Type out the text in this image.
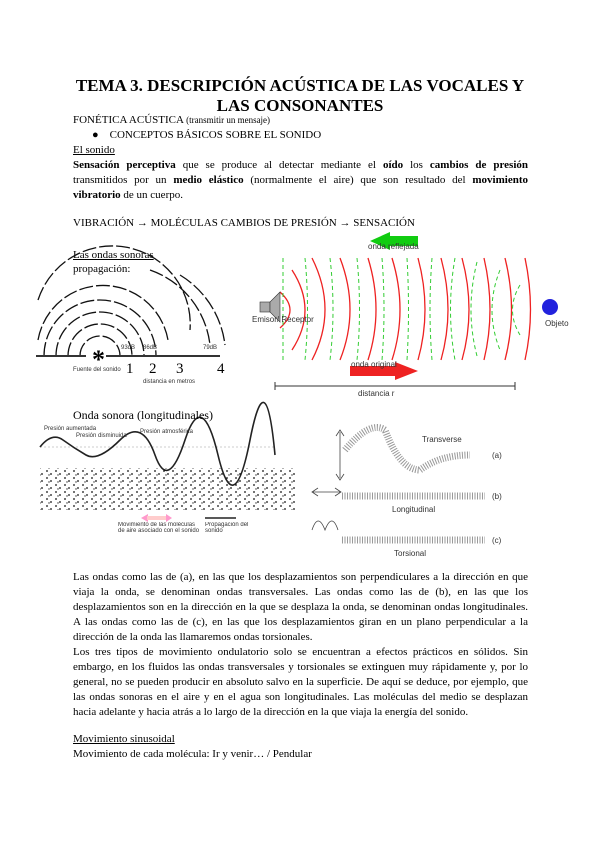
TEMA 3. DESCRIPCIÓN ACÚSTICA DE LAS VOCALES Y
LAS CONSONANTES
FONÉTICA ACÚSTICA (transmitir un mensaje)
●    CONCEPTOS BÁSICOS SOBRE EL SONIDO
El sonido
Sensación perceptiva que se produce al detectar mediante el oído los cambios de presión transmitidos por un medio elástico (normalmente el aire) que son resultado del movimiento vibratorio de un cuerpo.
VIBRACIÓN → MOLÉCULAS CAMBIOS DE PRESIÓN → SENSACIÓN
Las ondas sonoras
propagación:
* 1 2 3 4
93dB 86dB	79dB
Fuente del sonido
distancia en metros
onda reflejada
onda original
distancia r
Emisor/ Receptor	Objeto
Presión aumentada
Presión disminuida
Presión atmosférica
Movimiento de las moléculas de aire asociado con el sonido
Propagación del sonido
Transverse
Longitudinal
Torsional
(a)
(b)
(c)
Onda sonora (longitudinales)
Las ondas como las de (a), en las que los desplazamientos son perpendiculares a la dirección en que viaja la onda, se denominan ondas transversales. Las ondas como las de (b), en las que los desplazamientos son en la dirección en la que se desplaza la onda, se denominan ondas longitudinales. A las ondas como las de (c), en las que los desplazamientos giran en un plano perpendicular a la dirección de la onda las llamaremos ondas torsionales.
Los tres tipos de movimiento ondulatorio solo se encuentran a efectos prácticos en sólidos. Sin embargo, en los fluidos las ondas transversales y torsionales se extinguen muy rápidamente y, por lo general, no se pueden producir en absoluto salvo en la superficie. De aquí se deduce, por ejemplo, que las ondas sonoras en el aire y en el agua son longitudinales. Las moléculas del medio se desplazan hacia adelante y hacia atrás a lo largo de la dirección en la que viaja la energía del sonido.
Movimiento sinusoidal
Movimiento de cada molécula: Ir y venir… / Pendular
